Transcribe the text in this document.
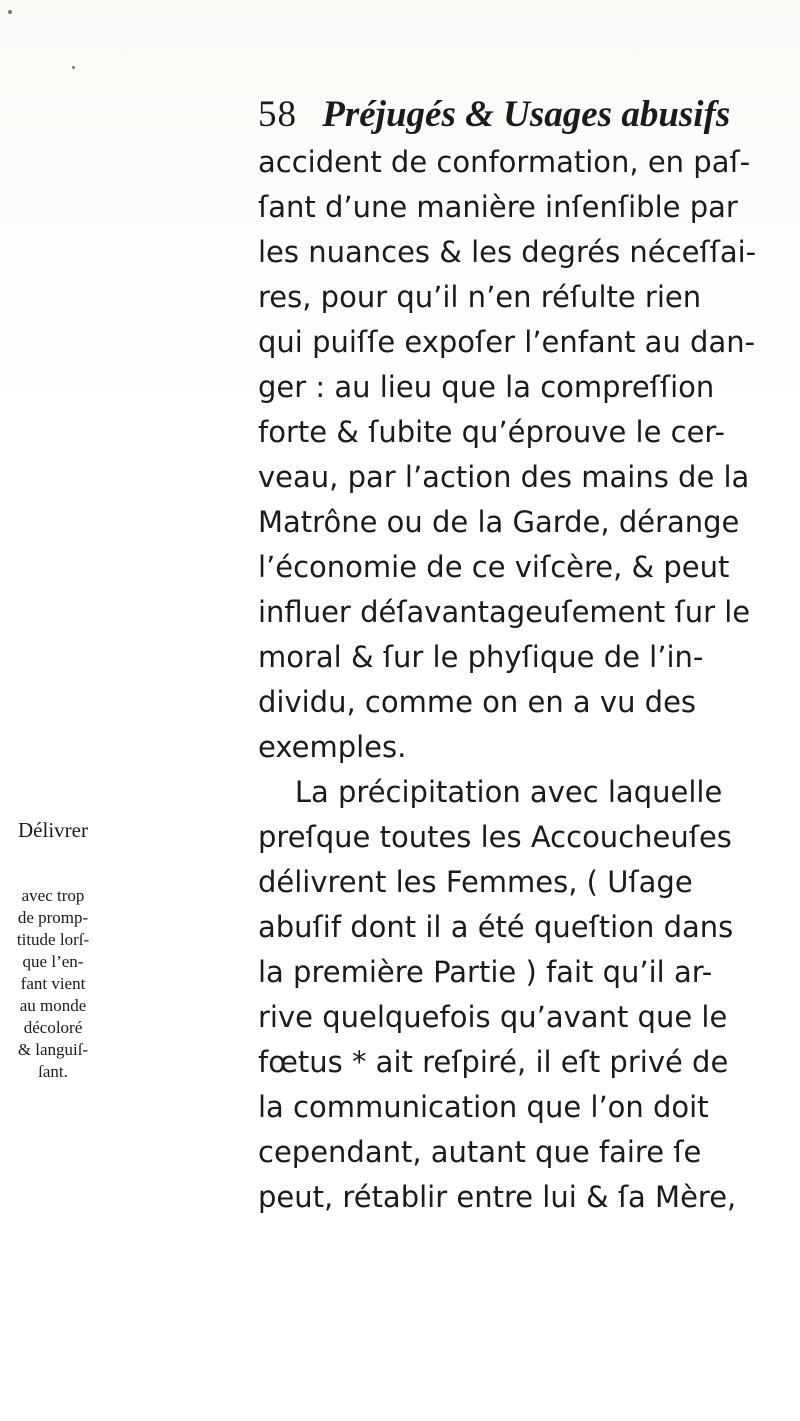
58 Préjugés & Usages abusifs
accident de conformation, en paſ-
ſant d’une manière inſenſible par
les nuances & les degrés néceſſai-
res, pour qu’il n’en réſulte rien
qui puiſſe expoſer l’enfant au dan-
ger : au lieu que la compreſſion
forte & ſubite qu’éprouve le cer-
veau, par l’action des mains de la
Matrône ou de la Garde, dérange
l’économie de ce viſcère, & peut
influer déſavantageuſement ſur le
moral & ſur le phyſique de l’in-
dividu, comme on en a vu des
exemples.
La précipitation avec laquelle
preſque toutes les Accoucheuſes
délivrent les Femmes, ( Uſage
abuſif dont il a été queſtion dans
la première Partie ) fait qu’il ar-
rive quelquefois qu’avant que le
fœtus * ait reſpiré, il eſt privé de
la communication que l’on doit
cependant, autant que faire ſe
peut, rétablir entre lui & ſa Mère,

Délivrer

avec trop
de promp-
titude lorſ-
que l’en-
fant vient
au monde
décoloré
& languiſ-
ſant.
